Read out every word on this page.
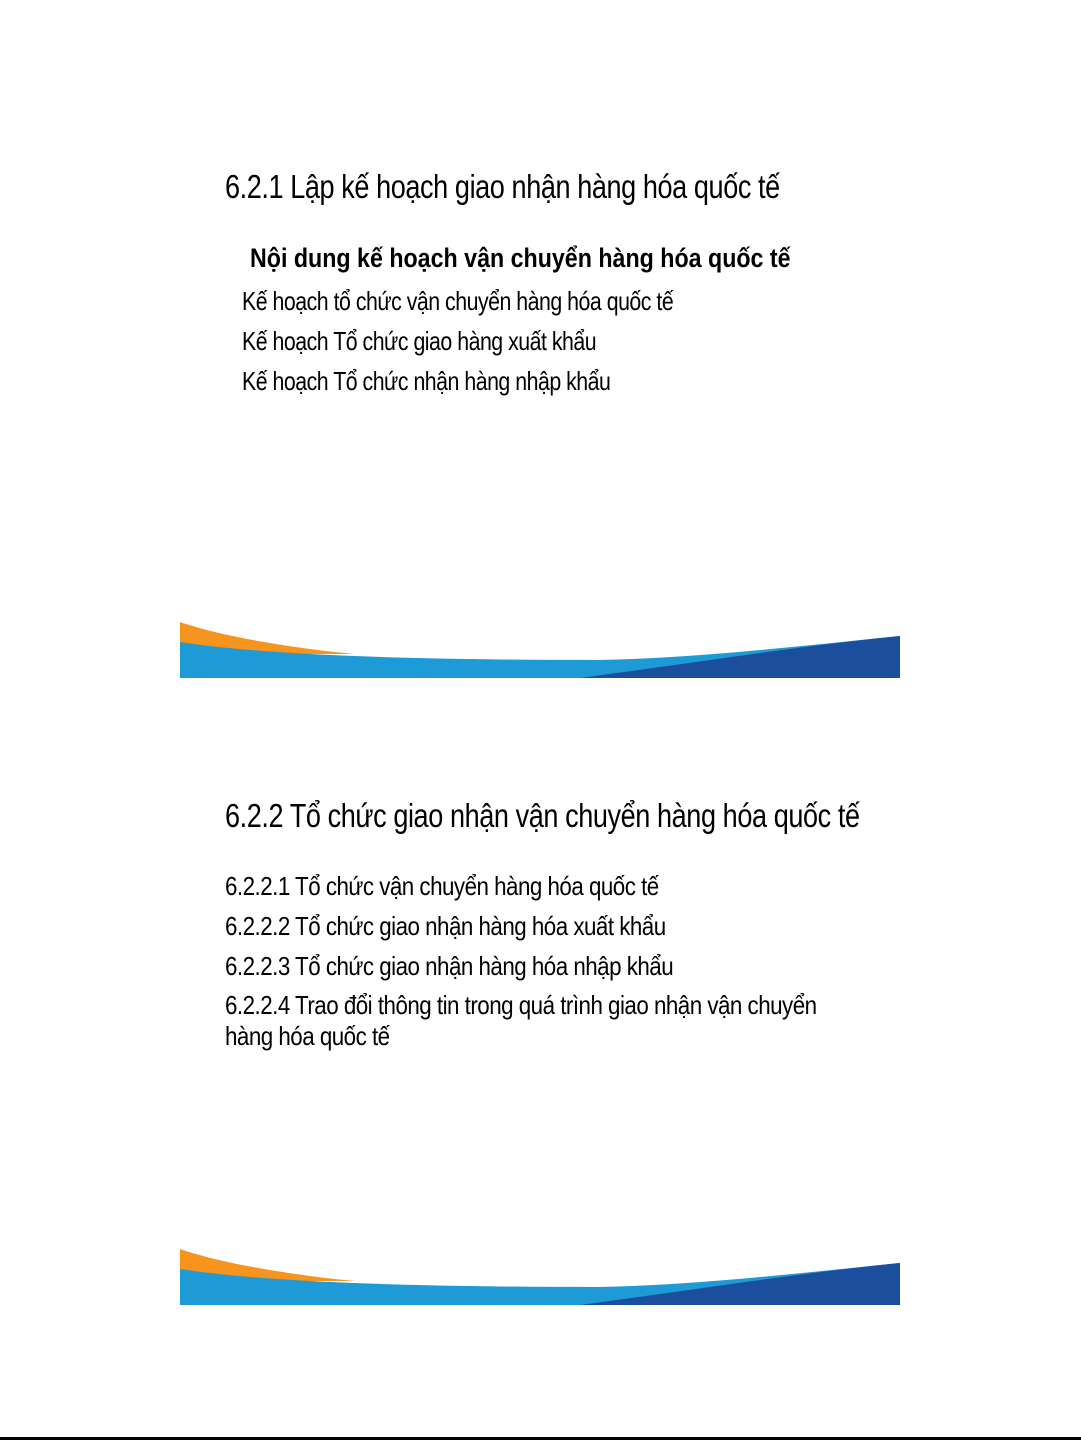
6.2.1 Lập kế hoạch giao nhận hàng hóa quốc tế
Nội dung kế hoạch vận chuyển hàng hóa quốc tế
Kế hoạch tổ chức vận chuyển hàng hóa quốc tế
Kế hoạch Tổ chức giao hàng xuất khẩu
Kế hoạch Tổ chức nhận hàng nhập khẩu
6.2.2 Tổ chức giao nhận vận chuyển hàng hóa quốc tế
6.2.2.1 Tổ chức vận chuyển hàng hóa quốc tế
6.2.2.2 Tổ chức giao nhận hàng hóa xuất khẩu
6.2.2.3 Tổ chức giao nhận hàng hóa nhập khẩu
6.2.2.4 Trao đổi thông tin trong quá trình giao nhận vận chuyển hàng hóa quốc tế
